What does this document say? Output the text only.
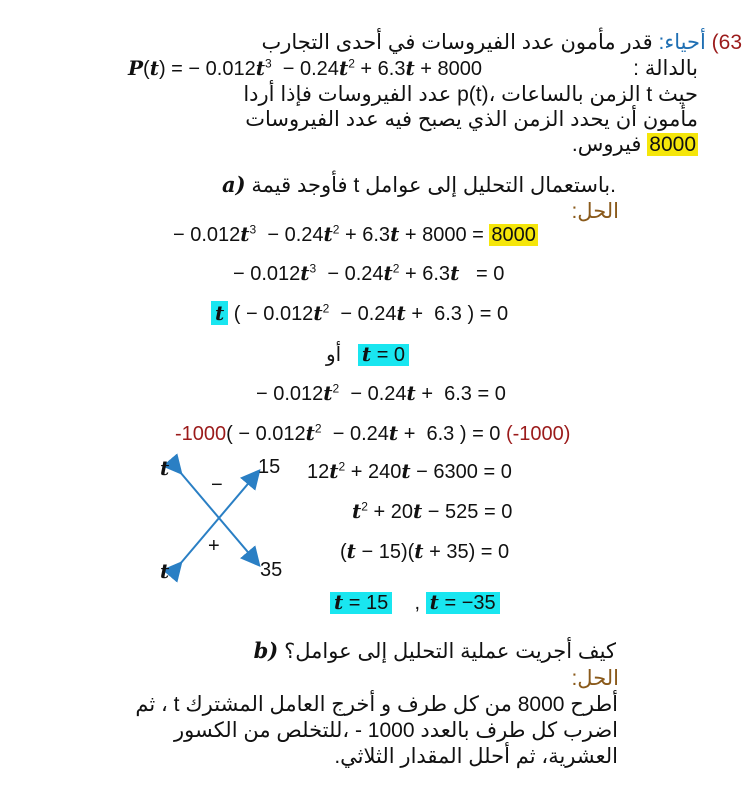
63) أحياء: قدر مأمون عدد الفيروسات في أحدى التجارب
بالدالة :
P(t) = − $0.012t^3 - 0.24t^2 + 6.3t + 8000$
حيث t الزمن بالساعات ،p(t) عدد الفيروسات فإذا أردا
مأمون أن يحدد الزمن الذي يصبح فيه عدد الفيروسات
8000 فيروس.
a) فأوجد قيمة t باستعمال التحليل إلى عوامل.
الحل:
− $0.012t^3 - 0.24t^2 + 6.3t + 8000 = 8000$
− $0.012t^3 - 0.24t^2 + 6.3t = 0$
t ( − $0.012t^2 - 0.24t + 6.3$ ) = 0
أو t = 0
− $0.012t^2 - 0.24t + 6.3 = 0$
$-1000( - 0.012t^2 - 0.24t + 6.3$ ) = 0 (-1000)
$12t^2 + 240t - 6300 = 0$
$t^2 + 20t - 525 = 0$
(t − 15)(t + 35) = 0
t = 15 , t = −35
t
t
15
35
−
+
b) كيف أجريت عملية التحليل إلى عوامل؟
الحل:
أطرح 8000 من كل طرف و أخرج العامل المشترك t ، ثم
اضرب كل طرف بالعدد 1000 - ،للتخلص من الكسور
العشرية، ثم أحلل المقدار الثلاثي.
